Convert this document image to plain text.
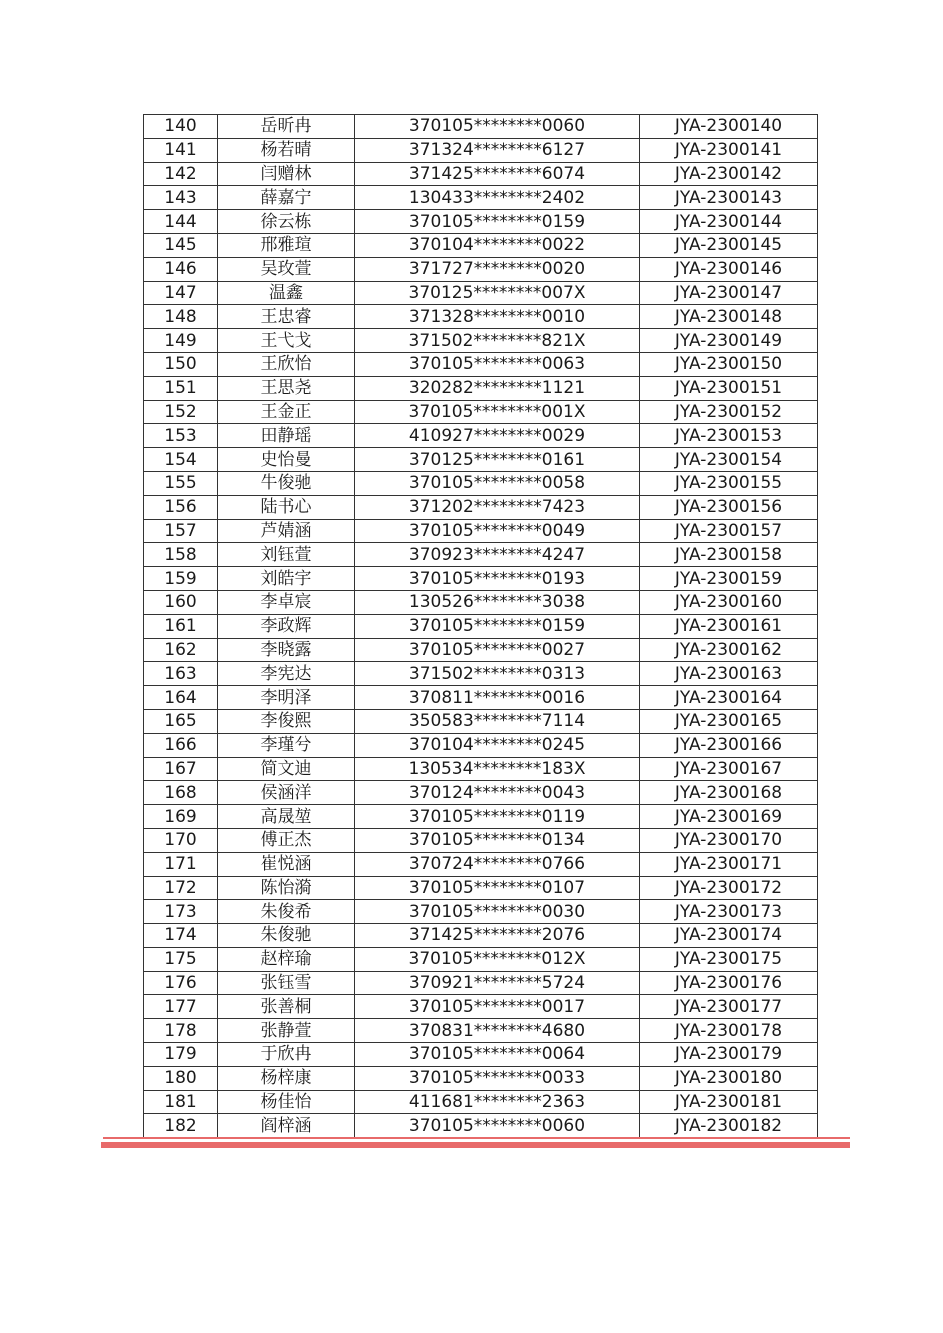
140	岳昕冉	370105********0060	JYA-2300140
141	杨若晴	371324********6127	JYA-2300141
142	闫赠林	371425********6074	JYA-2300142
143	薛嘉宁	130433********2402	JYA-2300143
144	徐云栋	370105********0159	JYA-2300144
145	邢雅瑄	370104********0022	JYA-2300145
146	吴玫萱	371727********0020	JYA-2300146
147	温鑫	370125********007X	JYA-2300147
148	王忠睿	371328********0010	JYA-2300148
149	王弋戈	371502********821X	JYA-2300149
150	王欣怡	370105********0063	JYA-2300150
151	王思尧	320282********1121	JYA-2300151
152	王金正	370105********001X	JYA-2300152
153	田静瑶	410927********0029	JYA-2300153
154	史怡曼	370125********0161	JYA-2300154
155	牛俊驰	370105********0058	JYA-2300155
156	陆书心	371202********7423	JYA-2300156
157	芦婧涵	370105********0049	JYA-2300157
158	刘钰萱	370923********4247	JYA-2300158
159	刘皓宇	370105********0193	JYA-2300159
160	李卓宸	130526********3038	JYA-2300160
161	李政辉	370105********0159	JYA-2300161
162	李晓露	370105********0027	JYA-2300162
163	李宪达	371502********0313	JYA-2300163
164	李明泽	370811********0016	JYA-2300164
165	李俊熙	350583********7114	JYA-2300165
166	李瑾兮	370104********0245	JYA-2300166
167	简文迪	130534********183X	JYA-2300167
168	侯涵洋	370124********0043	JYA-2300168
169	高晟堃	370105********0119	JYA-2300169
170	傅正杰	370105********0134	JYA-2300170
171	崔悦涵	370724********0766	JYA-2300171
172	陈怡漪	370105********0107	JYA-2300172
173	朱俊希	370105********0030	JYA-2300173
174	朱俊驰	371425********2076	JYA-2300174
175	赵梓瑜	370105********012X	JYA-2300175
176	张钰雪	370921********5724	JYA-2300176
177	张善桐	370105********0017	JYA-2300177
178	张静萱	370831********4680	JYA-2300178
179	于欣冉	370105********0064	JYA-2300179
180	杨梓康	370105********0033	JYA-2300180
181	杨佳怡	411681********2363	JYA-2300181
182	阎梓涵	370105********0060	JYA-2300182
